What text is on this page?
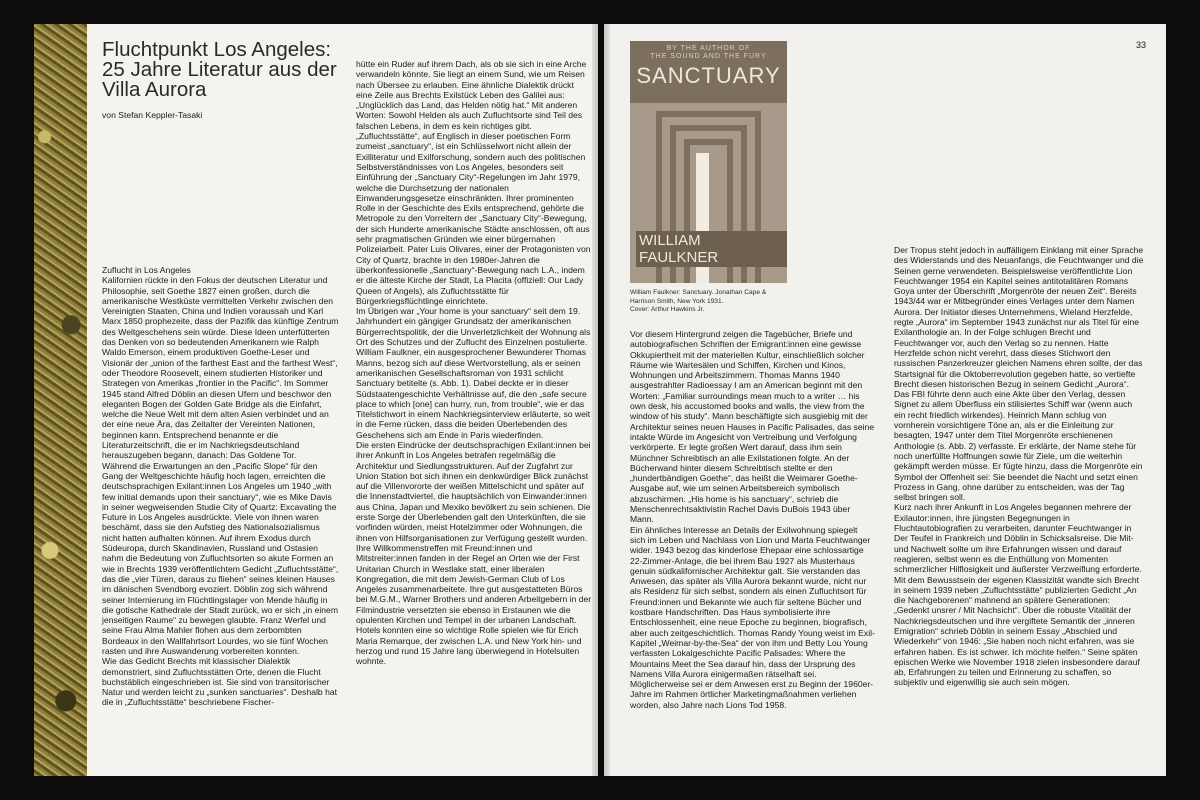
Fluchtpunkt Los Angeles:
25 Jahre Literatur aus der
Villa Aurora
von Stefan Keppler-Tasaki

Zuflucht in Los Angeles

Kalifornien rückte in den Fokus der deutschen Literatur und Philosophie, seit Goethe 1827 einen großen, durch die amerikanische Westküste vermittelten Verkehr zwischen den Vereinigten Staaten, China und Indien voraussah und Karl Marx 1850 prophezeite, dass der Pazifik das künftige Zentrum des Weltgeschehens sein würde. Diese Ideen unterfütterten das Denken von so bedeutenden Amerikanern wie Ralph Waldo Emerson, einem produktiven Goethe-Leser und Visionär der „union of the farthest East and the farthest West“, oder Theodore Roosevelt, einem studierten Historiker und Strategen von Amerikas „frontier in the Pacific“. Im Sommer 1945 stand Alfred Döblin an diesen Ufern und beschwor den eleganten Bogen der Golden Gate Bridge als die Einfahrt, welche die Neue Welt mit dem alten Asien verbindet und an der eine neue Ära, das Zeitalter der Vereinten Nationen, beginnen kann. Entsprechend benannte er die Literaturzeitschrift, die er im Nachkriegsdeutschland herauszugeben begann, danach: Das Goldene Tor.

Während die Erwartungen an den „Pacific Slope“ für den Gang der Weltgeschichte häufig hoch lagen, erreichten die deutschsprachigen Exilant:innen Los Angeles um 1940 „with few initial demands upon their sanctuary“, wie es Mike Davis in seiner wegweisenden Studie City of Quartz: Excavating the Future in Los Angeles ausdrückte. Viele von ihnen waren beschämt, dass sie den Aufstieg des Nationalsozialismus nicht hatten aufhalten können. Auf ihrem Exodus durch Südeuropa, durch Skandinavien, Russland und Ostasien nahm die Bedeutung von Zufluchtsorten so akute Formen an wie in Brechts 1939 veröffentlichtem Gedicht „Zufluchtsstätte“, das die „vier Türen, daraus zu fliehen“ seines kleinen Hauses im dänischen Svendborg evoziert. Döblin zog sich während seiner Internierung im Flüchtlingslager von Mende häufig in die gotische Kathedrale der Stadt zurück, wo er sich „in einem jenseitigen Raume“ zu bewegen glaubte. Franz Werfel und seine Frau Alma Mahler flohen aus dem zerbombten Bordeaux in den Wallfahrtsort Lourdes, wo sie fünf Wochen rasten und ihre Auswanderung vorbereiten konnten.

Wie das Gedicht Brechts mit klassischer Dialektik demonstriert, sind Zufluchtsstätten Orte, denen die Flucht buchstäblich eingeschrieben ist. Sie sind von transitorischer Natur und werden leicht zu „sunken sanctuaries“. Deshalb hat die in „Zufluchtsstätte“ beschriebene Fischer-

hütte ein Ruder auf ihrem Dach, als ob sie sich in eine Arche verwandeln könnte. Sie liegt an einem Sund, wie um Reisen nach Übersee zu erlauben. Eine ähnliche Dialektik drückt eine Zeile aus Brechts Exilstück Leben des Galilei aus: „Unglücklich das Land, das Helden nötig hat.“ Mit anderen Worten: Sowohl Helden als auch Zufluchtsorte sind Teil des falschen Lebens, in dem es kein richtiges gibt.

„Zufluchtsstätte“, auf Englisch in dieser poetischen Form zumeist „sanctuary“, ist ein Schlüsselwort nicht allein der Exilliteratur und Exilforschung, sondern auch des politischen Selbstverständnisses von Los Angeles, besonders seit Einführung der „Sanctuary City“-Regelungen im Jahr 1979, welche die Durchsetzung der nationalen Einwanderungsgesetze einschränkten. Ihrer prominenten Rolle in der Geschichte des Exils entsprechend, gehörte die Metropole zu den Vorreitern der „Sanctuary City“-Bewegung, der sich Hunderte amerikanische Städte anschlossen, oft aus sehr pragmatischen Gründen wie einer bürgernahen Polizeiarbeit. Pater Luis Olivares, einer der Protagonisten von City of Quartz, brachte in den 1980er-Jahren die überkonfessionelle „Sanctuary“-Bewegung nach L.A., indem er die älteste Kirche der Stadt, La Placita (offiziell: Our Lady Queen of Angels), als Zufluchtsstätte für Bürgerkriegsflüchtlinge einrichtete.

Im Übrigen war „Your home is your sanctuary“ seit dem 19. Jahrhundert ein gängiger Grundsatz der amerikanischen Bürgerrechtspolitik, der die Unverletzlichkeit der Wohnung als Ort des Schutzes und der Zuflucht des Einzelnen postulierte. William Faulkner, ein ausgesprochener Bewunderer Thomas Manns, bezog sich auf diese Wertvorstellung, als er seinen amerikanischen Gesellschaftsroman von 1931 schlicht Sanctuary betitelte (s. Abb. 1). Dabei deckte er in dieser Südstaatengeschichte Verhältnisse auf, die den „safe secure place to which [one] can hurry, run, from trouble“, wie er das Titelstichwort in einem Nachkriegsinterview erläuterte, so weit in die Ferne rücken, dass die beiden Überlebenden des Geschehens sich am Ende in Paris wiederfinden.

Die ersten Eindrücke der deutschsprachigen Exilant:innen bei ihrer Ankunft in Los Angeles betrafen regelmäßig die Architektur und Siedlungsstrukturen. Auf der Zugfahrt zur Union Station bot sich ihnen ein denkwürdiger Blick zunächst auf die Villenvororte der weißen Mittelschicht und später auf die Innenstadtviertel, die hauptsächlich von Einwander:innen aus China, Japan und Mexiko bevölkert zu sein schienen. Die erste Sorge der Überlebenden galt den Unterkünften, die sie vorfinden würden, meist Hotelzimmer oder Wohnungen, die ihnen von Hilfsorganisationen zur Verfügung gestellt wurden. Ihre Willkommenstreffen mit Freund:innen und Mitstreiter:innen fanden in der Regel an Orten wie der First Unitarian Church in Westlake statt, einer liberalen Kongregation, die mit dem Jewish-German Club of Los Angeles zusammenarbeitete. Ihre gut ausgestatteten Büros bei M.G.M., Warner Brothers und anderen Arbeitgebern in der Filmindustrie versetzten sie ebenso in Erstaunen wie die opulenten Kirchen und Tempel in der urbanen Landschaft. Hotels konnten eine so wichtige Rolle spielen wie für Erich Maria Remarque, der zwischen L.A. und New York hin- und herzog und rund 15 Jahre lang überwiegend in Hotelsuiten wohnte.

33
BY THE AUTHOR OF
THE SOUND AND THE FURY
SANCTUARY
WILLIAM FAULKNER
William Faulkner: Sanctuary. Jonathan Cape &
Harrison Smith, New York 1931.
Cover: Arthur Hawkins Jr.

Vor diesem Hintergrund zeigen die Tagebücher, Briefe und autobiografischen Schriften der Emigrant:innen eine gewisse Okkupiertheit mit der materiellen Kultur, einschließlich solcher Räume wie Wartesälen und Schiffen, Kirchen und Kinos, Wohnungen und Arbeitszimmern. Thomas Manns 1940 ausgestrahlter Radioessay I am an American beginnt mit den Worten: „Familiar surroundings mean much to a writer … his own desk, his accustomed books and walls, the view from the window of his study“. Mann beschäftigte sich ausgiebig mit der Architektur seines neuen Hauses in Pacific Palisades, das seine intakte Würde im Angesicht von Vertreibung und Verfolgung verkörperte. Er legte großen Wert darauf, dass ihm sein Münchner Schreibtisch an alle Exilstationen folgte. An der Bücherwand hinter diesem Schreibtisch stellte er den „hundertbändigen Goethe“, das heißt die Weimarer Goethe-Ausgabe auf, wie um seinen Arbeitsbereich symbolisch abzuschirmen. „His home is his sanctuary“, schrieb die Menschenrechtsaktivistin Rachel Davis DuBois 1943 über Mann.

Ein ähnliches Interesse an Details der Exilwohnung spiegelt sich im Leben und Nachlass von Lion und Marta Feuchtwanger wider. 1943 bezog das kinderlose Ehepaar eine schlossartige 22-Zimmer-Anlage, die bei ihrem Bau 1927 als Musterhaus genuin südkalifornischer Architektur galt. Sie verstanden das Anwesen, das später als Villa Aurora bekannt wurde, nicht nur als Residenz für sich selbst, sondern als einen Zufluchtsort für Freund:innen und Bekannte wie auch für seltene Bücher und kostbare Handschriften. Das Haus symbolisierte ihre Entschlossenheit, eine neue Epoche zu beginnen, biografisch, aber auch zeitgeschichtlich. Thomas Randy Young weist im Exil-Kapitel „Weimar-by-the-Sea“ der von ihm und Betty Lou Young verfassten Lokalgeschichte Pacific Palisades: Where the Mountains Meet the Sea darauf hin, dass der Ursprung des Namens Villa Aurora einigermaßen rätselhaft sei. Möglicherweise sei er dem Anwesen erst zu Beginn der 1960er-Jahre im Rahmen örtlicher Marketingmaßnahmen verliehen worden, also Jahre nach Lions Tod 1958.

Der Tropus steht jedoch in auffälligem Einklang mit einer Sprache des Widerstands und des Neuanfangs, die Feuchtwanger und die Seinen gerne verwendeten. Beispielsweise veröffentlichte Lion Feuchtwanger 1954 ein Kapitel seines antitotalitären Romans Goya unter der Überschrift „Morgenröte der neuen Zeit“. Bereits 1943/44 war er Mitbegründer eines Verlages unter dem Namen Aurora. Der Initiator dieses Unternehmens, Wieland Herzfelde, regte „Aurora“ im September 1943 zunächst nur als Titel für eine Exilanthologie an. In der Folge schlugen Brecht und Feuchtwanger vor, auch den Verlag so zu nennen. Hatte Herzfelde schon nicht verehrt, dass dieses Stichwort den russischen Panzerkreuzer gleichen Namens ehren sollte, der das Startsignal für die Oktoberrevolution gegeben hatte, so vertiefte Brecht diesen historischen Bezug in seinem Gedicht „Aurora“. Das FBI führte denn auch eine Akte über den Verlag, dessen Signet zu allem Überfluss ein stilisiertes Schiff war (wenn auch ein recht friedlich wirkendes). Heinrich Mann schlug von vornherein vorsichtigere Töne an, als er die Einleitung zur besagten, 1947 unter dem Titel Morgenröte erschienenen Anthologie (s. Abb. 2) verfasste. Er erklärte, der Name stehe für noch unerfüllte Hoffnungen sowie für Ziele, um die weiterhin gekämpft werden müsse. Er fügte hinzu, dass die Morgenröte ein Symbol der Offenheit sei: Sie beendet die Nacht und setzt einen Prozess in Gang, ohne darüber zu entscheiden, was der Tag selbst bringen soll.

Kurz nach ihrer Ankunft in Los Angeles begannen mehrere der Exilautor:innen, ihre jüngsten Begegnungen in Fluchtautobiografien zu verarbeiten, darunter Feuchtwanger in Der Teufel in Frankreich und Döblin in Schicksalsreise. Die Mit- und Nachwelt sollte um ihre Erfahrungen wissen und darauf reagieren, selbst wenn es die Enthüllung von Momenten schmerzlicher Hilflosigkeit und äußerster Verzweiflung erforderte. Mit dem Bewusstsein der eigenen Klassizität wandte sich Brecht in seinem 1939 neben „Zufluchtsstätte“ publizierten Gedicht „An die Nachgeborenen“ mahnend an spätere Generationen: „Gedenkt unsrer / Mit Nachsicht“. Über die robuste Vitalität der Nachkriegsdeutschen und ihre vergiftete Semantik der „inneren Emigration“ schrieb Döblin in seinem Essay „Abschied und Wiederkehr“ von 1946: „Sie haben noch nicht erfahren, was sie erfahren haben. Es ist schwer. Ich möchte helfen.“ Seine späten epischen Werke wie November 1918 zielen insbesondere darauf ab, Erfahrungen zu teilen und Erinnerung zu schaffen, so subjektiv und eigenwillig sie auch sein mögen.
